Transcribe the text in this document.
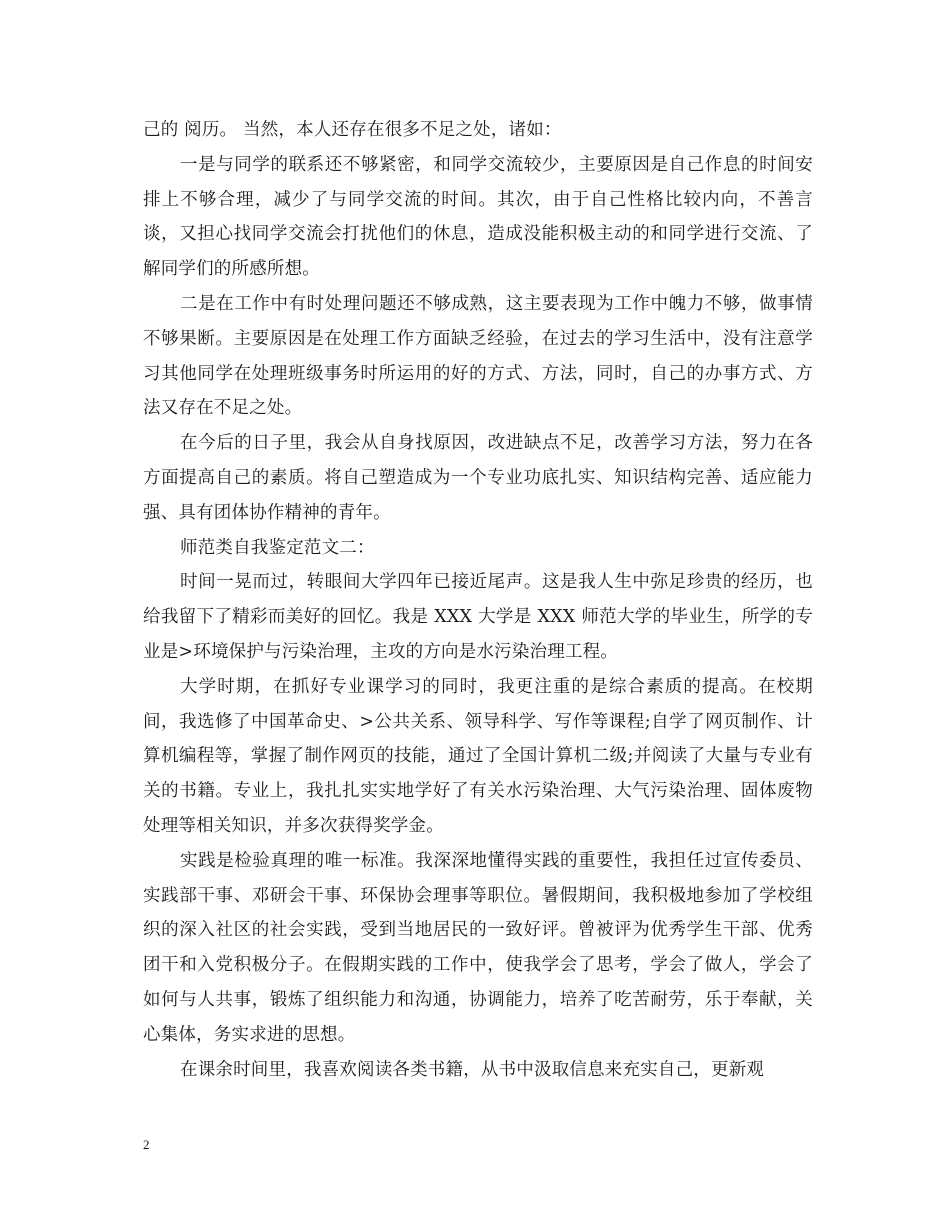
己的 阅历。 当然，本人还存在很多不足之处，诸如：

一是与同学的联系还不够紧密，和同学交流较少，主要原因是自己作息的时间安排上不够合理，减少了与同学交流的时间。其次，由于自己性格比较内向，不善言谈，又担心找同学交流会打扰他们的休息，造成没能积极主动的和同学进行交流、了解同学们的所感所想。

二是在工作中有时处理问题还不够成熟，这主要表现为工作中魄力不够，做事情不够果断。主要原因是在处理工作方面缺乏经验，在过去的学习生活中，没有注意学习其他同学在处理班级事务时所运用的好的方式、方法，同时，自己的办事方式、方法又存在不足之处。

在今后的日子里，我会从自身找原因，改进缺点不足，改善学习方法，努力在各方面提高自己的素质。将自己塑造成为一个专业功底扎实、知识结构完善、适应能力强、具有团体协作精神的青年。

师范类自我鉴定范文二：

时间一晃而过，转眼间大学四年已接近尾声。这是我人生中弥足珍贵的经历，也给我留下了精彩而美好的回忆。我是 XXX 大学是 XXX 师范大学的毕业生，所学的专业是>环境保护与污染治理，主攻的方向是水污染治理工程。

大学时期，在抓好专业课学习的同时，我更注重的是综合素质的提高。在校期间，我选修了中国革命史、>公共关系、领导科学、写作等课程;自学了网页制作、计算机编程等，掌握了制作网页的技能，通过了全国计算机二级;并阅读了大量与专业有关的书籍。专业上，我扎扎实实地学好了有关水污染治理、大气污染治理、固体废物处理等相关知识，并多次获得奖学金。

实践是检验真理的唯一标准。我深深地懂得实践的重要性，我担任过宣传委员、实践部干事、邓研会干事、环保协会理事等职位。暑假期间，我积极地参加了学校组织的深入社区的社会实践，受到当地居民的一致好评。曾被评为优秀学生干部、优秀团干和入党积极分子。在假期实践的工作中，使我学会了思考，学会了做人，学会了如何与人共事，锻炼了组织能力和沟通，协调能力，培养了吃苦耐劳，乐于奉献，关心集体，务实求进的思想。

在课余时间里，我喜欢阅读各类书籍，从书中汲取信息来充实自己，更新观

2
